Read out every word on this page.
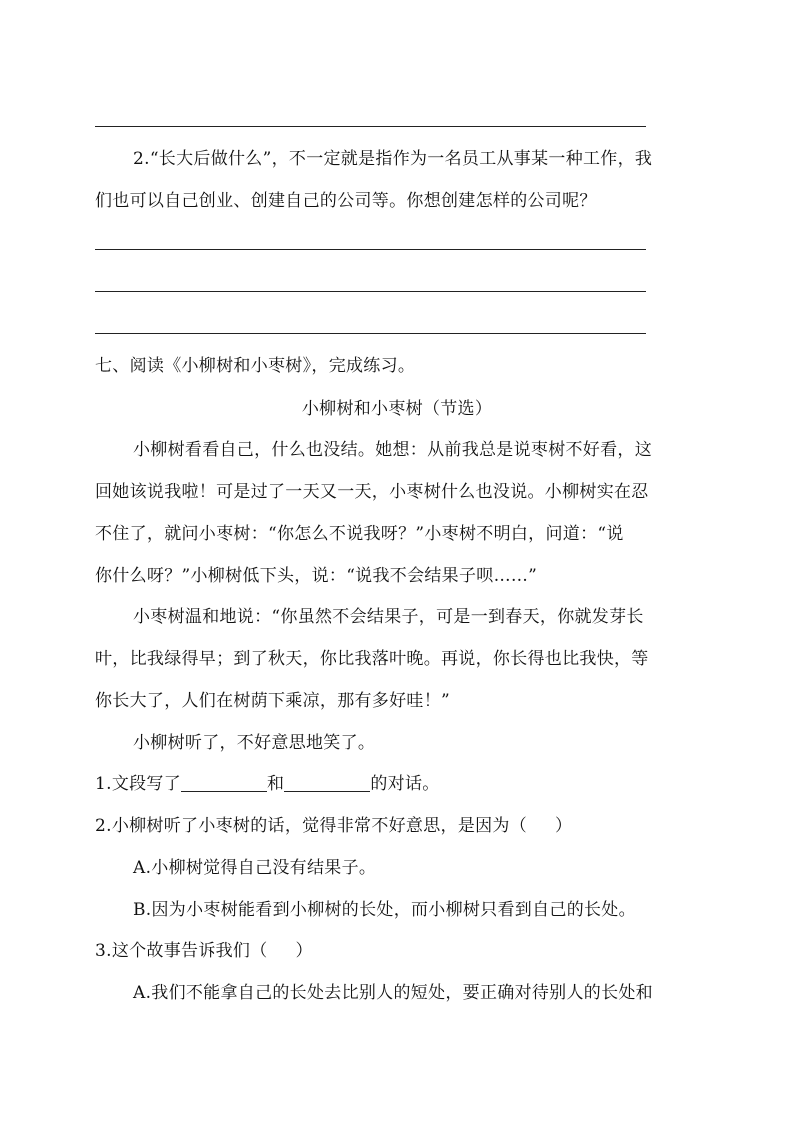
2.“长大后做什么”，不一定就是指作为一名员工从事某一种工作，我
们也可以自己创业、创建自己的公司等。你想创建怎样的公司呢？
七、阅读《小柳树和小枣树》，完成练习。
小柳树和小枣树（节选）
小柳树看看自己，什么也没结。她想：从前我总是说枣树不好看，这
回她该说我啦！可是过了一天又一天，小枣树什么也没说。小柳树实在忍
不住了，就问小枣树：“你怎么不说我呀？”小枣树不明白，问道：“说
你什么呀？”小柳树低下头，说：“说我不会结果子呗……”
小枣树温和地说：“你虽然不会结果子，可是一到春天，你就发芽长
叶，比我绿得早；到了秋天，你比我落叶晚。再说，你长得也比我快，等
你长大了，人们在树荫下乘凉，那有多好哇！”
小柳树听了，不好意思地笑了。
1.文段写了	和	的对话。
2.小柳树听了小枣树的话，觉得非常不好意思，是因为（ ）
A.小柳树觉得自己没有结果子。
B.因为小枣树能看到小柳树的长处，而小柳树只看到自己的长处。
3.这个故事告诉我们（ ）
A.我们不能拿自己的长处去比别人的短处，要正确对待别人的长处和
